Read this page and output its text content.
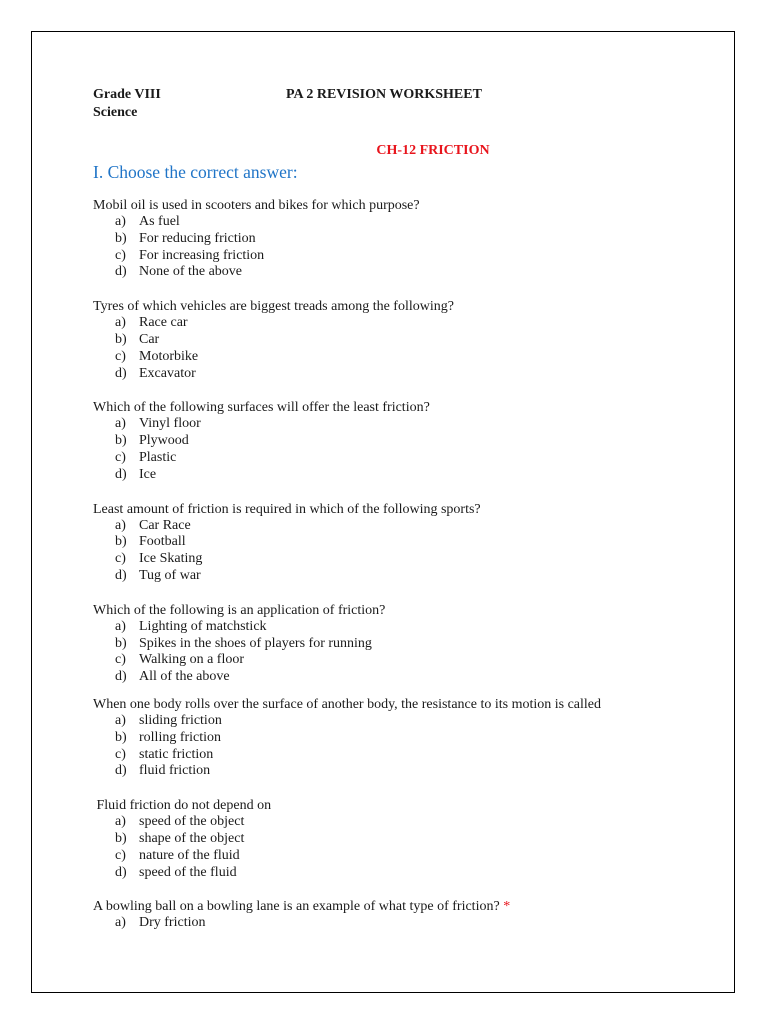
Grade VIII
Science
PA 2 REVISION WORKSHEET
CH-12 FRICTION
I. Choose the correct answer:
Mobil oil is used in scooters and bikes for which purpose?
a) As fuel
b) For reducing friction
c) For increasing friction
d) None of the above
Tyres of which vehicles are biggest treads among the following?
a) Race car
b) Car
c) Motorbike
d) Excavator
Which of the following surfaces will offer the least friction?
a) Vinyl floor
b) Plywood
c) Plastic
d) Ice
Least amount of friction is required in which of the following sports?
a) Car Race
b) Football
c) Ice Skating
d) Tug of war
Which of the following is an application of friction?
a) Lighting of matchstick
b) Spikes in the shoes of players for running
c) Walking on a floor
d) All of the above
When one body rolls over the surface of another body, the resistance to its motion is called
a) sliding friction
b) rolling friction
c) static friction
d) fluid friction
Fluid friction do not depend on
a) speed of the object
b) shape of the object
c) nature of the fluid
d) speed of the fluid
A bowling ball on a bowling lane is an example of what type of friction? *
a) Dry friction
